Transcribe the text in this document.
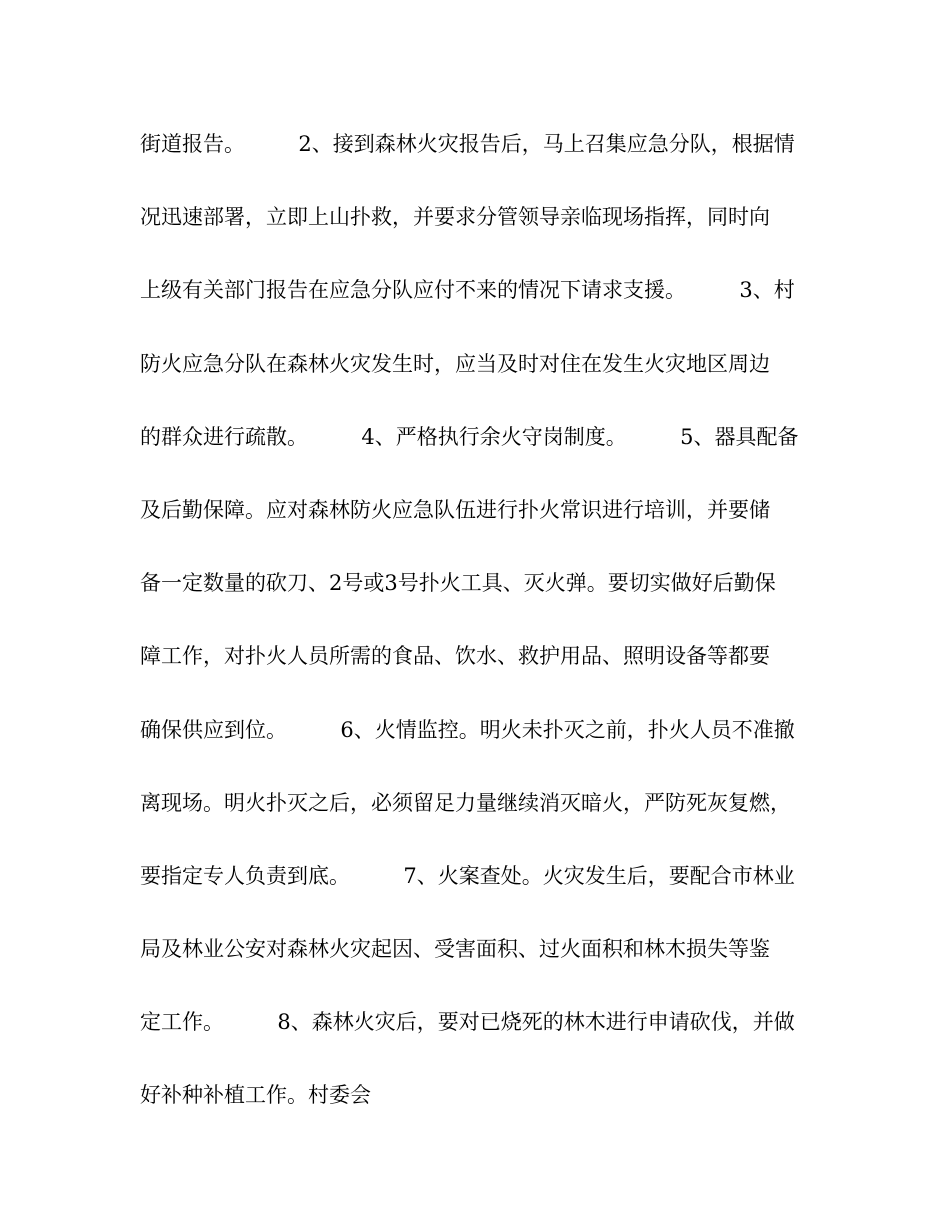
街道报告。        2、接到森林火灾报告后，马上召集应急分队，根据情
况迅速部署，立即上山扑救，并要求分管领导亲临现场指挥，同时向
上级有关部门报告在应急分队应付不来的情况下请求支援。        3、村
防火应急分队在森林火灾发生时，应当及时对住在发生火灾地区周边
的群众进行疏散。        4、严格执行余火守岗制度。        5、器具配备
及后勤保障。应对森林防火应急队伍进行扑火常识进行培训，并要储
备一定数量的砍刀、2号或3号扑火工具、灭火弹。要切实做好后勤保
障工作，对扑火人员所需的食品、饮水、救护用品、照明设备等都要
确保供应到位。        6、火情监控。明火未扑灭之前，扑火人员不准撤
离现场。明火扑灭之后，必须留足力量继续消灭暗火，严防死灰复燃，
要指定专人负责到底。        7、火案查处。火灾发生后，要配合市林业
局及林业公安对森林火灾起因、受害面积、过火面积和林木损失等鉴
定工作。        8、森林火灾后，要对已烧死的林木进行申请砍伐，并做
好补种补植工作。村委会
